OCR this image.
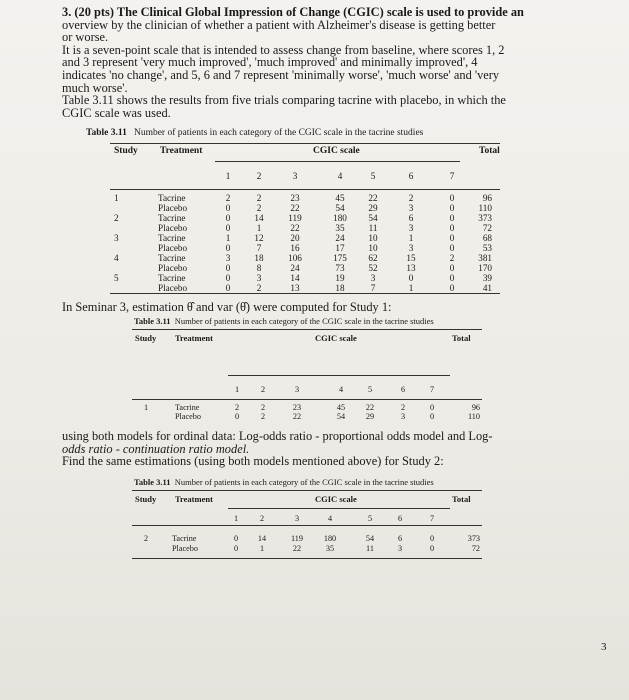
3. (20 pts) The Clinical Global Impression of Change (CGIC) scale is used to provide an
overview by the clinician of whether a patient with Alzheimer's disease is getting better
or worse.
It is a seven-point scale that is intended to assess change from baseline, where scores 1, 2
and 3 represent 'very much improved', 'much improved' and minimally improved', 4
indicates 'no change', and 5, 6 and 7 represent 'minimally worse', 'much worse' and 'very
much worse'.
Table 3.11 shows the results from five trials comparing tacrine with placebo, in which the
CGIC scale was used.
Table 3.11 Number of patients in each category of the CGIC scale in the tacrine studies
Study Treatment	CGIC scale	Total
1	2	3	4	5	6	7
1	Tacrine	2	2	23	45	22	2	0	96
Placebo	0	2	22	54	29	3	0	110
2	Tacrine	0	14	119	180	54	6	0	373
Placebo	0	1	22	35	11	3	0	72
3	Tacrine	1	12	20	24	10	1	0	68
Placebo	0	7	16	17	10	3	0	53
4	Tacrine	3	18	106	175	62	15	2	381
Placebo	0	8	24	73	52	13	0	170
5	Tacrine	0	3	14	19	3	0	0	39
Placebo	0	2	13	18	7	1	0	41
In Seminar 3, estimation θ̂ and var (θ̂) were computed for Study 1:
Table 3.11 Number of patients in each category of the CGIC scale in the tacrine studies
Study Treatment	CGIC scale	Total
1	2	3	4	5	6	7
1	Tacrine	2	2	23	45	22	2	0	96
Placebo	0	2	22	54	29	3	0	110
using both models for ordinal data: Log-odds ratio - proportional odds model and Log-
odds ratio - continuation ratio model.
Find the same estimations (using both models mentioned above) for Study 2:
Table 3.11 Number of patients in each category of the CGIC scale in the tacrine studies
Study Treatment	CGIC scale	Total
1	2	3	4	5	6	7
2	Tacrine	0	14	119	180	54	6	0	373
Placebo	0	1	22	35	11	3	0	72
3
